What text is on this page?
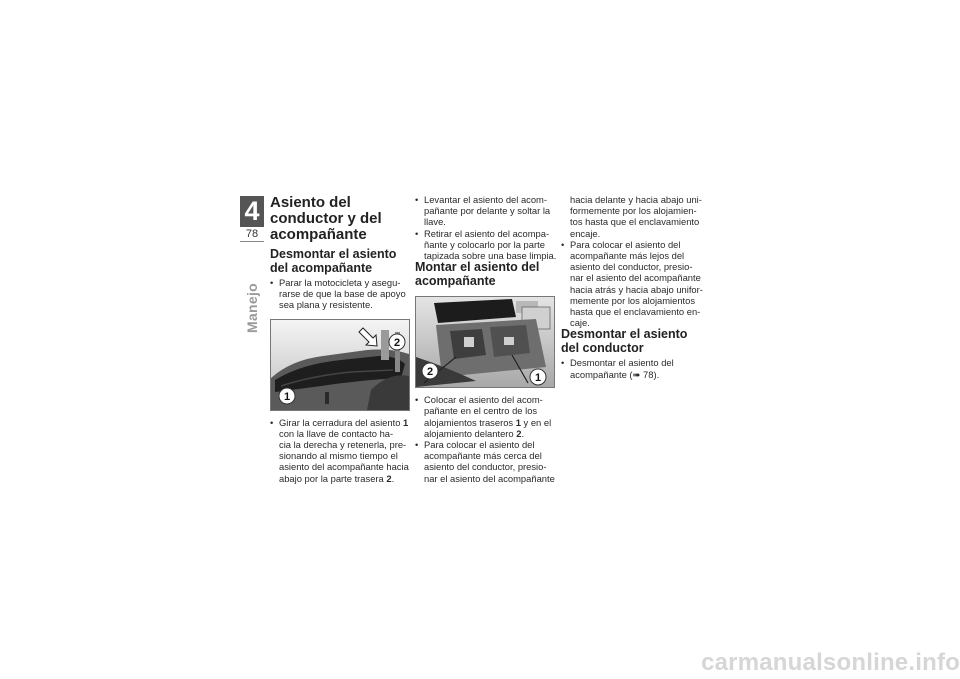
4
78
Manejo
Asiento del conductor y del acompañante
Desmontar el asiento del acompañante
• Parar la motocicleta y asegu-
rarse de que la base de apoyo
sea plana y resistente.
1
2
• Girar la cerradura del asiento 1
con la llave de contacto ha-
cia la derecha y retenerla, pre-
sionando al mismo tiempo el
asiento del acompañante hacia
abajo por la parte trasera 2.
• Levantar el asiento del acom-
pañante por delante y soltar la
llave.
• Retirar el asiento del acompa-
ñante y colocarlo por la parte
tapizada sobre una base limpia.
Montar el asiento del acompañante
2	1
• Colocar el asiento del acom-
pañante en el centro de los
alojamientos traseros 1 y en el
alojamiento delantero 2.
• Para colocar el asiento del
acompañante más cerca del
asiento del conductor, presio-
nar el asiento del acompañante
hacia delante y hacia abajo uni-
formemente por los alojamien-
tos hasta que el enclavamiento
encaje.
• Para colocar el asiento del
acompañante más lejos del
asiento del conductor, presio-
nar el asiento del acompañante
hacia atrás y hacia abajo unifor-
memente por los alojamientos
hasta que el enclavamiento en-
caje.
Desmontar el asiento del conductor
• Desmontar el asiento del
acompañante (➠ 78).
carmanualsonline.info
